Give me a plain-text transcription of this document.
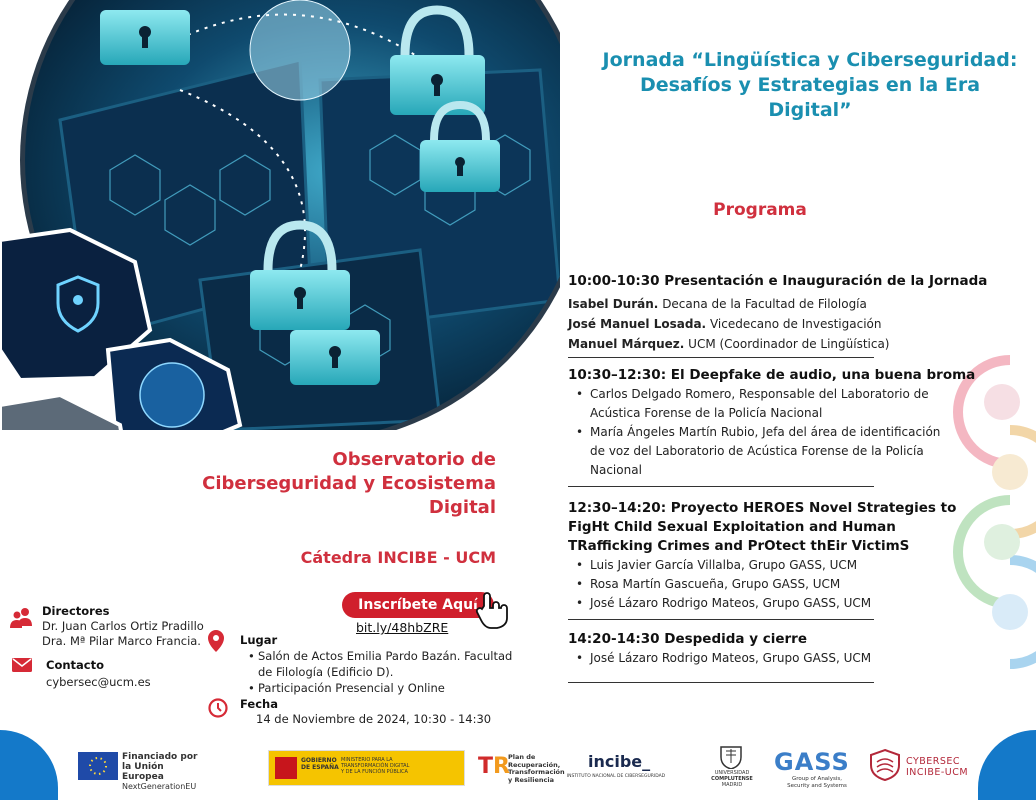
Jornada “Lingüística y Ciberseguridad: Desafíos y Estrategias en la Era Digital”
Programa
Observatorio de Ciberseguridad y Ecosistema Digital
Cátedra INCIBE - UCM
10:00-10:30 Presentación e Inauguración de la Jornada
Isabel Durán. Decana de la Facultad de Filología
José Manuel Losada. Vicedecano de Investigación
Manuel Márquez. UCM (Coordinador de Lingüística)
10:30–12:30: El Deepfake de audio, una buena broma
• Carlos Delgado Romero, Responsable del Laboratorio de Acústica Forense de la Policía Nacional
• María Ángeles Martín Rubio, Jefa del área de identificación de voz del Laboratorio de Acústica Forense de la Policía Nacional
12:30–14:20: Proyecto HEROES Novel Strategies to FigHt Child Sexual Exploitation and Human TRafficking Crimes and PrOtect thEir VictimS
• Luis Javier García Villalba, Grupo GASS, UCM
• Rosa Martín Gascueña, Grupo GASS, UCM
• José Lázaro Rodrigo Mateos, Grupo GASS, UCM
14:20-14:30 Despedida y cierre
• José Lázaro Rodrigo Mateos, Grupo GASS, UCM
Inscríbete Aquí
bit.ly/48hbZRE
Directores
Dr. Juan Carlos Ortiz Pradillo
Dra. Mª Pilar Marco Francia.
Contacto
cybersec@ucm.es
Lugar
• Salón de Actos Emilia Pardo Bazán. Facultad de Filología (Edificio D).
• Participación Presencial y Online
Fecha
14 de Noviembre de 2024, 10:30 - 14:30
Financiado por
la Unión Europea
NextGenerationEU
GOBIERNO
DE ESPAÑA
MINISTERIO PARA LA TRANSFORMACIÓN DIGITAL Y DE LA FUNCIÓN PÚBLICA	TR
Plan de
Recuperación,
Transformación
y Resiliencia
incibe_
INSTITUTO NACIONAL DE CIBERSEGURIDAD
UNIVERSIDAD
COMPLUTENSE
MADRID
GASS
Group of Analysis,
Security and Systems
CYBERSEC
INCIBE-UCM
